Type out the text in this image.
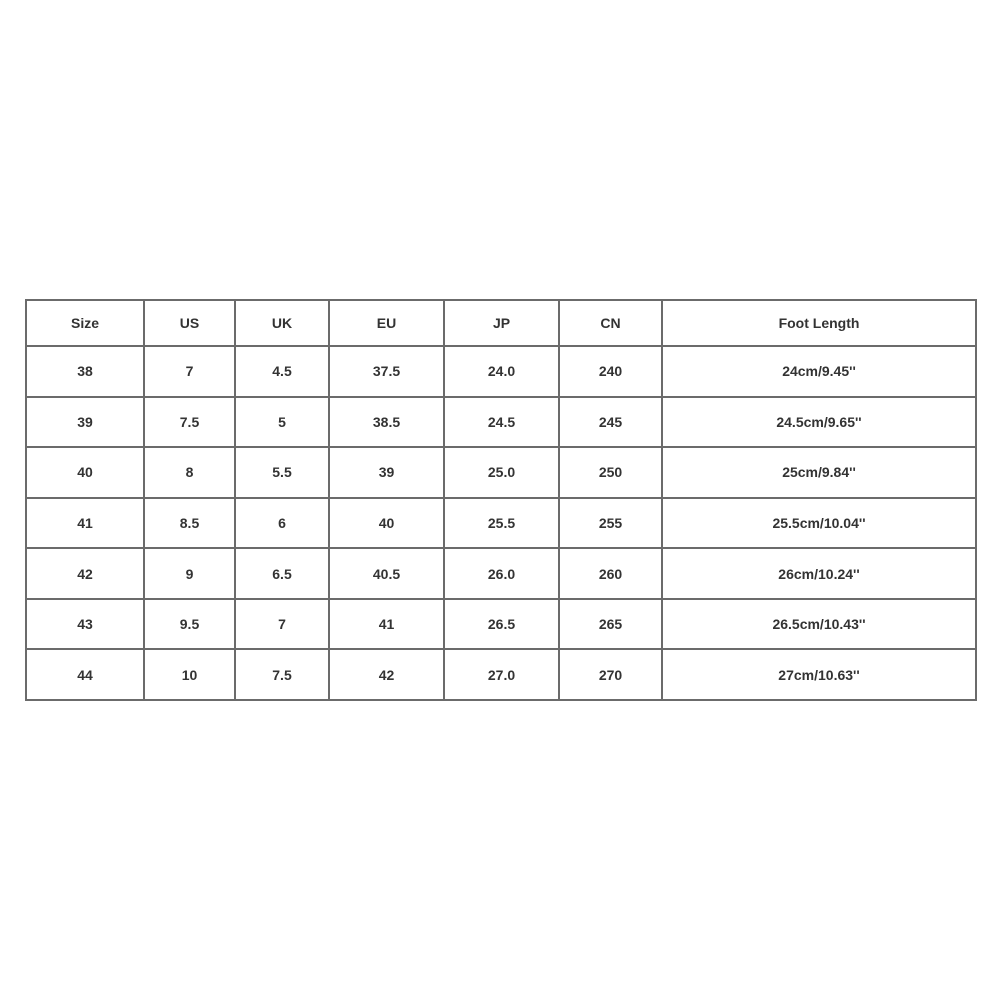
Size	US	UK	EU	JP	CN	Foot Length
38	7	4.5	37.5	24.0	240	24cm/9.45''
39	7.5	5	38.5	24.5	245	24.5cm/9.65''
40	8	5.5	39	25.0	250	25cm/9.84''
41	8.5	6	40	25.5	255	25.5cm/10.04''
42	9	6.5	40.5	26.0	260	26cm/10.24''
43	9.5	7	41	26.5	265	26.5cm/10.43''
44	10	7.5	42	27.0	270	27cm/10.63''
